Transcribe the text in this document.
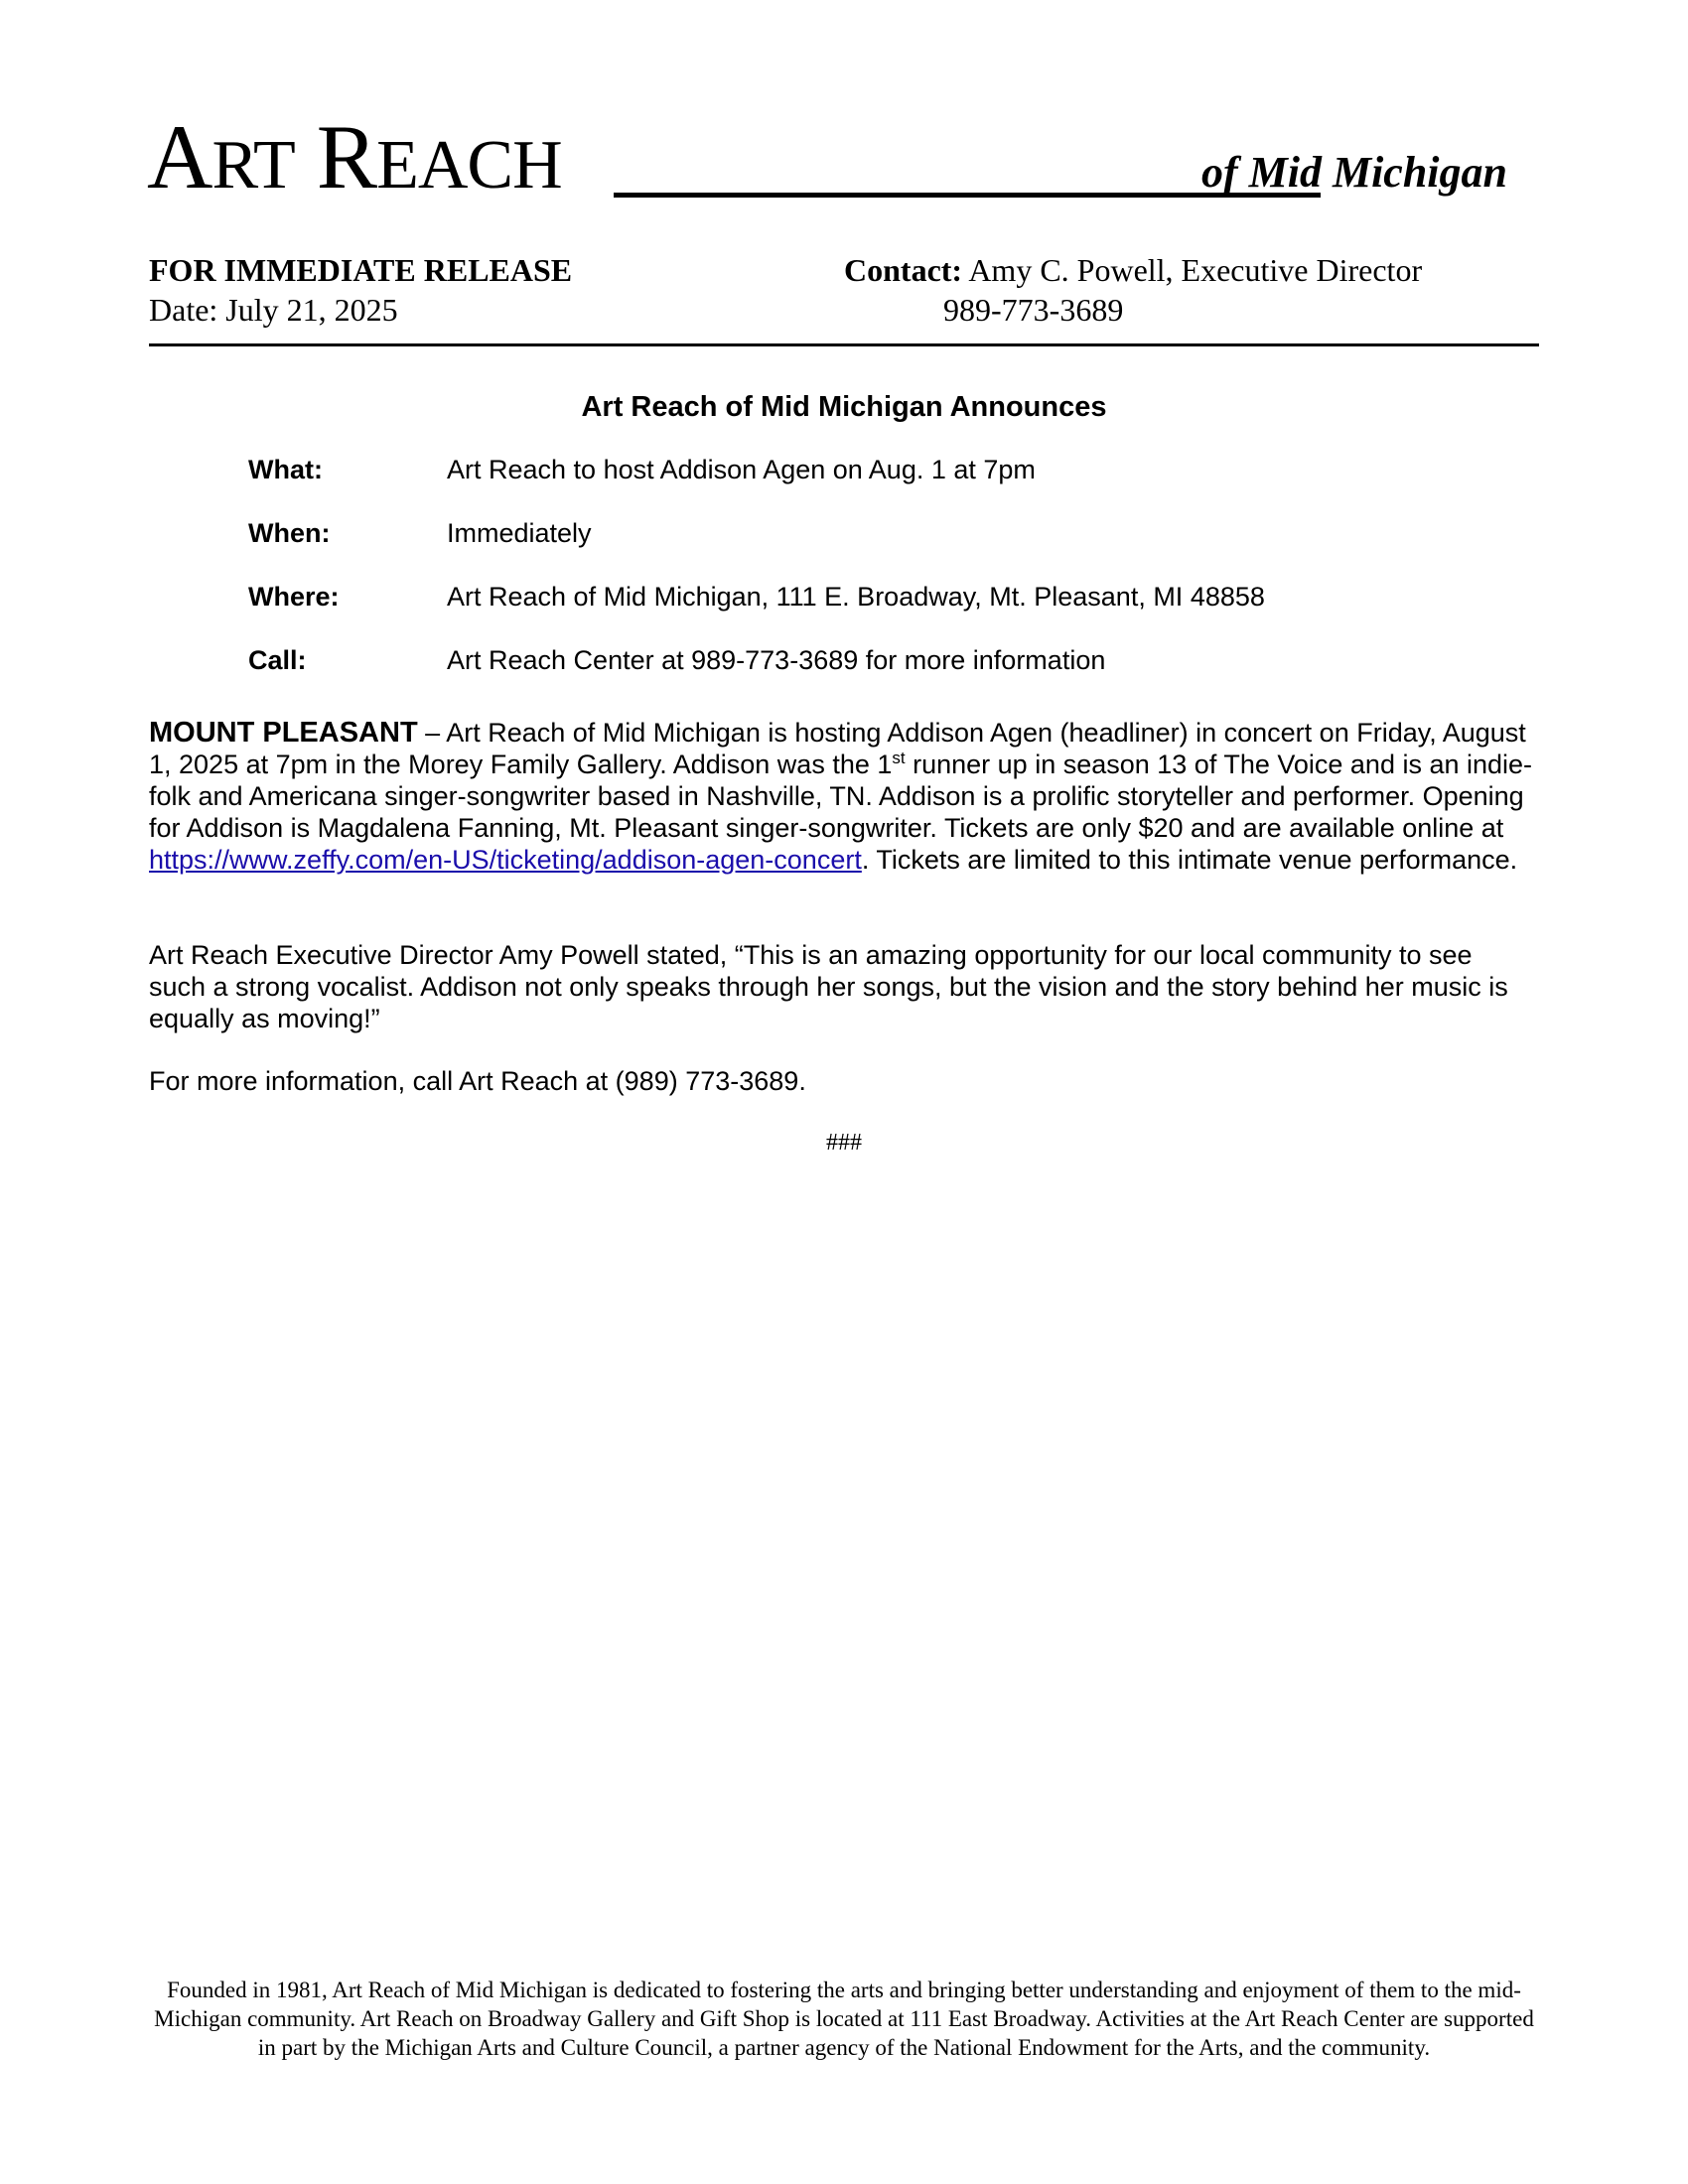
ART REACH	of Mid Michigan
FOR IMMEDIATE RELEASE
Date: July 21, 2025
Contact: Amy C. Powell, Executive Director
989-773-3689
Art Reach of Mid Michigan Announces
What:	Art Reach to host Addison Agen on Aug. 1 at 7pm
When:	Immediately
Where:	Art Reach of Mid Michigan, 111 E. Broadway, Mt. Pleasant, MI 48858
Call:	Art Reach Center at 989-773-3689 for more information
MOUNT PLEASANT – Art Reach of Mid Michigan is hosting Addison Agen (headliner) in concert on Friday, August 1, 2025 at 7pm in the Morey Family Gallery. Addison was the 1st runner up in season 13 of The Voice and is an indie-folk and Americana singer-songwriter based in Nashville, TN. Addison is a prolific storyteller and performer. Opening for Addison is Magdalena Fanning, Mt. Pleasant singer-songwriter. Tickets are only $20 and are available online at https://www.zeffy.com/en-US/ticketing/addison-agen-concert. Tickets are limited to this intimate venue performance.
Art Reach Executive Director Amy Powell stated, “This is an amazing opportunity for our local community to see such a strong vocalist. Addison not only speaks through her songs, but the vision and the story behind her music is equally as moving!”
For more information, call Art Reach at (989) 773-3689.
###
Founded in 1981, Art Reach of Mid Michigan is dedicated to fostering the arts and bringing better understanding and enjoyment of them to the mid-Michigan community. Art Reach on Broadway Gallery and Gift Shop is located at 111 East Broadway. Activities at the Art Reach Center are supported in part by the Michigan Arts and Culture Council, a partner agency of the National Endowment for the Arts, and the community.
